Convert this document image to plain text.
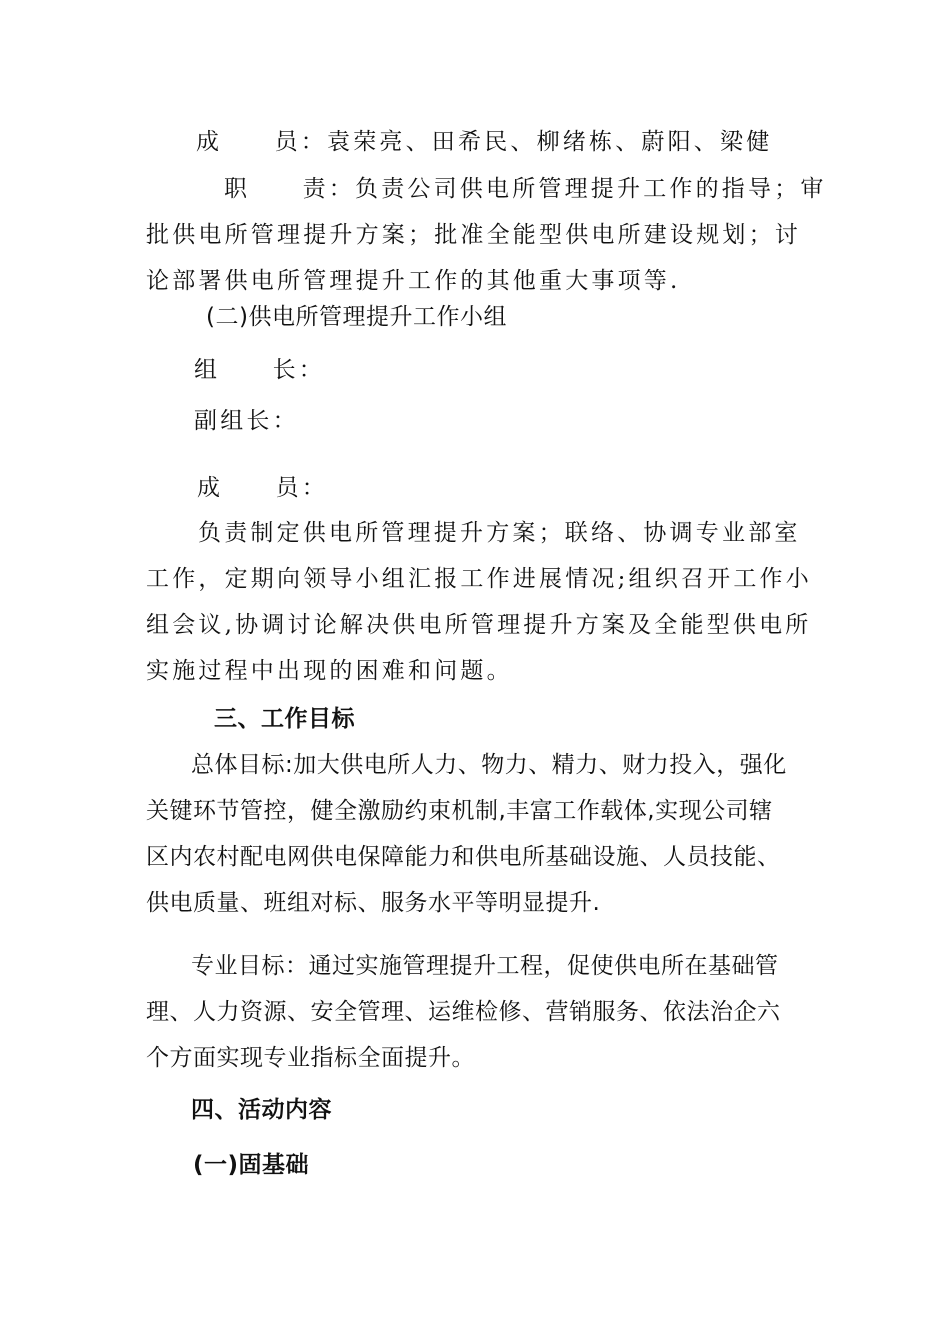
成　　员：袁荣亮、田希民、柳绪栋、蔚阳、梁健
职　　责：负责公司供电所管理提升工作的指导；审
批供电所管理提升方案；批准全能型供电所建设规划；讨
论部署供电所管理提升工作的其他重大事项等.
(二)供电所管理提升工作小组
组　　长：
副组长：
成　　员：
负责制定供电所管理提升方案；联络、协调专业部室
工作，定期向领导小组汇报工作进展情况;组织召开工作小
组会议,协调讨论解决供电所管理提升方案及全能型供电所
实施过程中出现的困难和问题。
三、工作目标
总体目标:加大供电所人力、物力、精力、财力投入，强化
关键环节管控，健全激励约束机制,丰富工作载体,实现公司辖
区内农村配电网供电保障能力和供电所基础设施、人员技能、
供电质量、班组对标、服务水平等明显提升.
专业目标：通过实施管理提升工程，促使供电所在基础管
理、人力资源、安全管理、运维检修、营销服务、依法治企六
个方面实现专业指标全面提升。
四、活动内容
(一)固基础
